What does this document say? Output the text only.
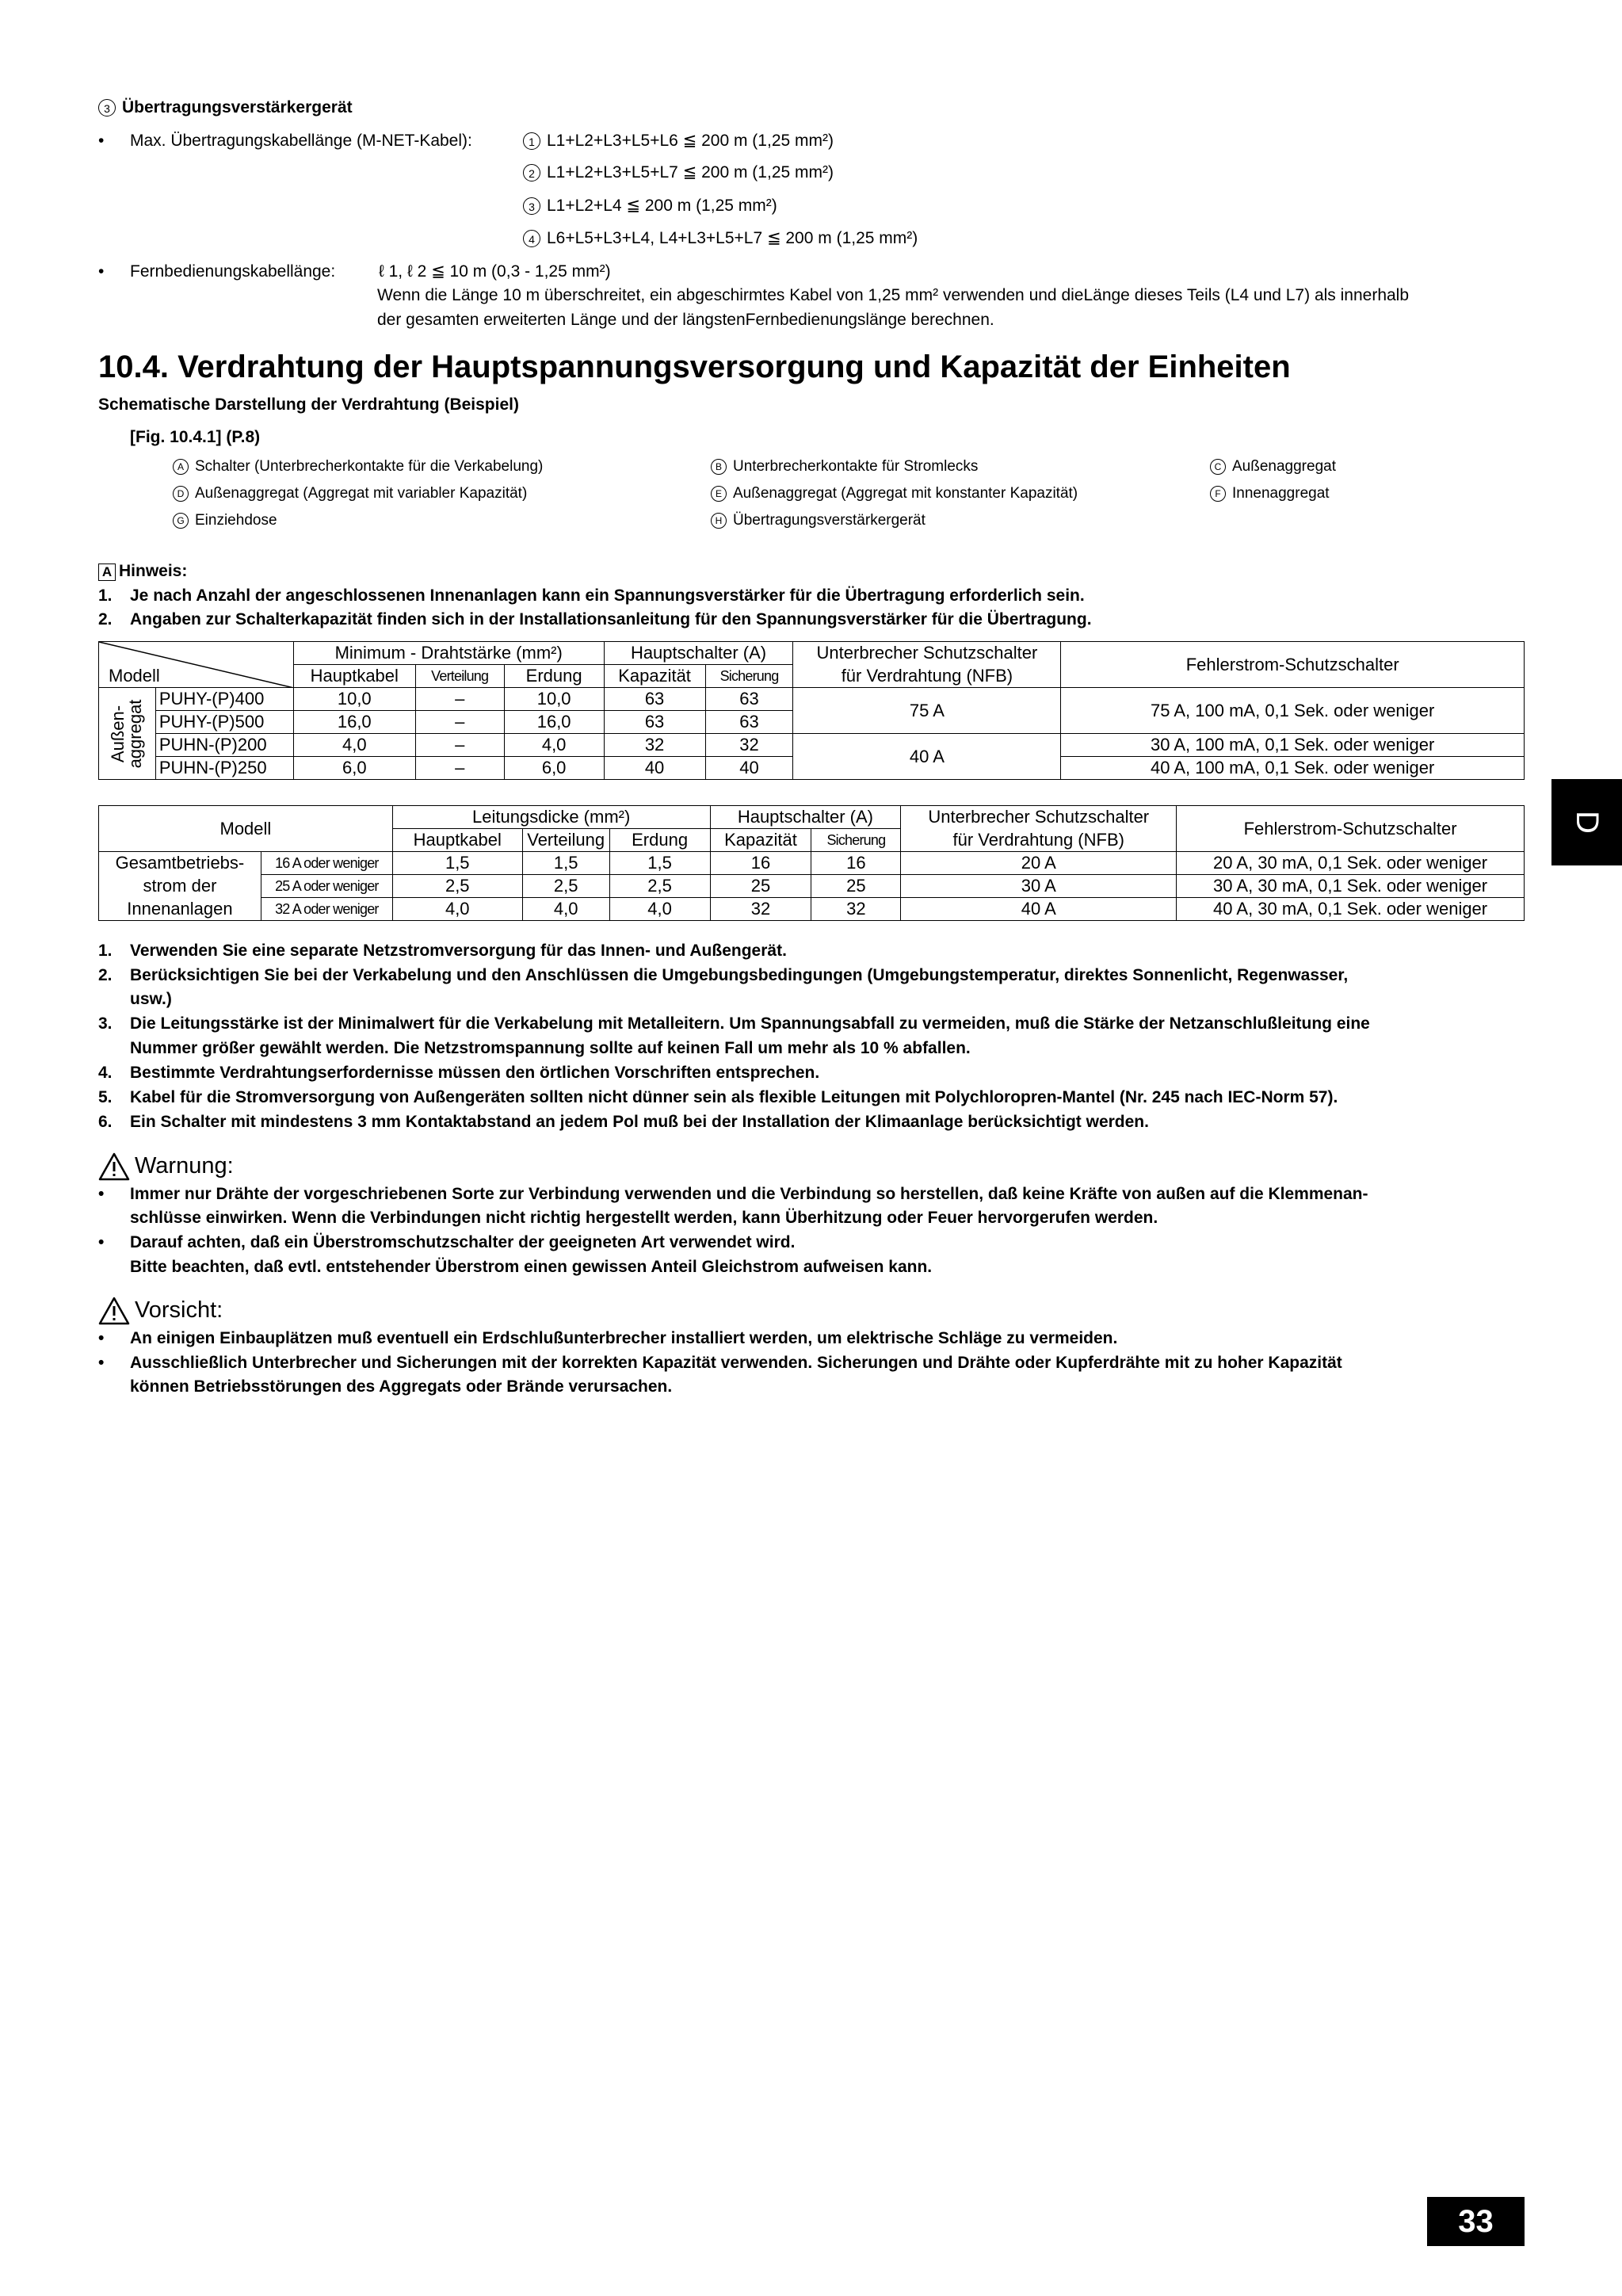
3 Übertragungsverstärkergerät
• Max. Übertragungskabellänge (M-NET-Kabel):	1 L1+L2+L3+L5+L6 ≦ 200 m (1,25 mm²)
2 L1+L2+L3+L5+L7 ≦ 200 m (1,25 mm²)
3 L1+L2+L4 ≦ 200 m (1,25 mm²)
4 L6+L5+L3+L4, L4+L3+L5+L7 ≦ 200 m (1,25 mm²)
• Fernbedienungskabellänge:	ℓ 1, ℓ 2 ≦ 10 m (0,3 - 1,25 mm²)
Wenn die Länge 10 m überschreitet, ein abgeschirmtes Kabel von 1,25 mm² verwenden und dieLänge dieses Teils (L4 und L7) als innerhalb
der gesamten erweiterten Länge und der längstenFernbedienungslänge berechnen.
10.4. Verdrahtung der Hauptspannungsversorgung und Kapazität der Einheiten
Schematische Darstellung der Verdrahtung (Beispiel)
[Fig. 10.4.1] (P.8)
A Schalter (Unterbrecherkontakte für die Verkabelung)	B Unterbrecherkontakte für Stromlecks	C Außenaggregat
D Außenaggregat (Aggregat mit variabler Kapazität)	E Außenaggregat (Aggregat mit konstanter Kapazität)	F Innenaggregat
G Einziehdose	H Übertragungsverstärkergerät
A Hinweis:
1. Je nach Anzahl der angeschlossenen Innenanlagen kann ein Spannungsverstärker für die Übertragung erforderlich sein.
2. Angaben zur Schalterkapazität finden sich in der Installationsanleitung für den Spannungsverstärker für die Übertragung.
Modell		Minimum - Drahtstärke (mm²)			Hauptschalter (A)		Unterbrecher Schutzschalter	Fehlerstrom-Schutzschalter
		Hauptkabel	Verteilung	Erdung	Kapazität	Sicherung	für Verdrahtung (NFB)	

Außen-
aggregat	PUHY-(P)400	10,0	–	10,0	63	63	75 A	75 A, 100 mA, 0,1 Sek. oder weniger
	PUHY-(P)500	16,0	–	16,0	63	63		
	PUHN-(P)200	4,0	–	4,0	32	32	40 A	30 A, 100 mA, 0,1 Sek. oder weniger
	PUHN-(P)250	6,0	–	6,0	40	40		40 A, 100 mA, 0,1 Sek. oder weniger
Modell		Leitungsdicke (mm²)			Hauptschalter (A)		Unterbrecher Schutzschalter	Fehlerstrom-Schutzschalter
		Hauptkabel	Verteilung	Erdung	Kapazität	Sicherung	für Verdrahtung (NFB)	
Gesamtbetriebs-	16 A oder weniger	1,5	1,5	1,5	16	16	20 A	20 A, 30 mA, 0,1 Sek. oder weniger
strom der	25 A oder weniger	2,5	2,5	2,5	25	25	30 A	30 A, 30 mA, 0,1 Sek. oder weniger
Innenanlagen	32 A oder weniger	4,0	4,0	4,0	32	32	40 A	40 A, 30 mA, 0,1 Sek. oder weniger
1. Verwenden Sie eine separate Netzstromversorgung für das Innen- und Außengerät.
2. Berücksichtigen Sie bei der Verkabelung und den Anschlüssen die Umgebungsbedingungen (Umgebungstemperatur, direktes Sonnenlicht, Regenwasser,
usw.)
3. Die Leitungsstärke ist der Minimalwert für die Verkabelung mit Metalleitern. Um Spannungsabfall zu vermeiden, muß die Stärke der Netzanschlußleitung eine
Nummer größer gewählt werden. Die Netzstromspannung sollte auf keinen Fall um mehr als 10 % abfallen.
4. Bestimmte Verdrahtungserfordernisse müssen den örtlichen Vorschriften entsprechen.
5. Kabel für die Stromversorgung von Außengeräten sollten nicht dünner sein als flexible Leitungen mit Polychloropren-Mantel (Nr. 245 nach IEC-Norm 57).
6. Ein Schalter mit mindestens 3 mm Kontaktabstand an jedem Pol muß bei der Installation der Klimaanlage berücksichtigt werden.
Warnung:
• Immer nur Drähte der vorgeschriebenen Sorte zur Verbindung verwenden und die Verbindung so herstellen, daß keine Kräfte von außen auf die Klemmenan-
schlüsse einwirken. Wenn die Verbindungen nicht richtig hergestellt werden, kann Überhitzung oder Feuer hervorgerufen werden.
• Darauf achten, daß ein Überstromschutzschalter der geeigneten Art verwendet wird.
Bitte beachten, daß evtl. entstehender Überstrom einen gewissen Anteil Gleichstrom aufweisen kann.
Vorsicht:
• An einigen Einbauplätzen muß eventuell ein Erdschlußunterbrecher installiert werden, um elektrische Schläge zu vermeiden.
• Ausschließlich Unterbrecher und Sicherungen mit der korrekten Kapazität verwenden. Sicherungen und Drähte oder Kupferdrähte mit zu hoher Kapazität
können Betriebsstörungen des Aggregats oder Brände verursachen.
D
33
